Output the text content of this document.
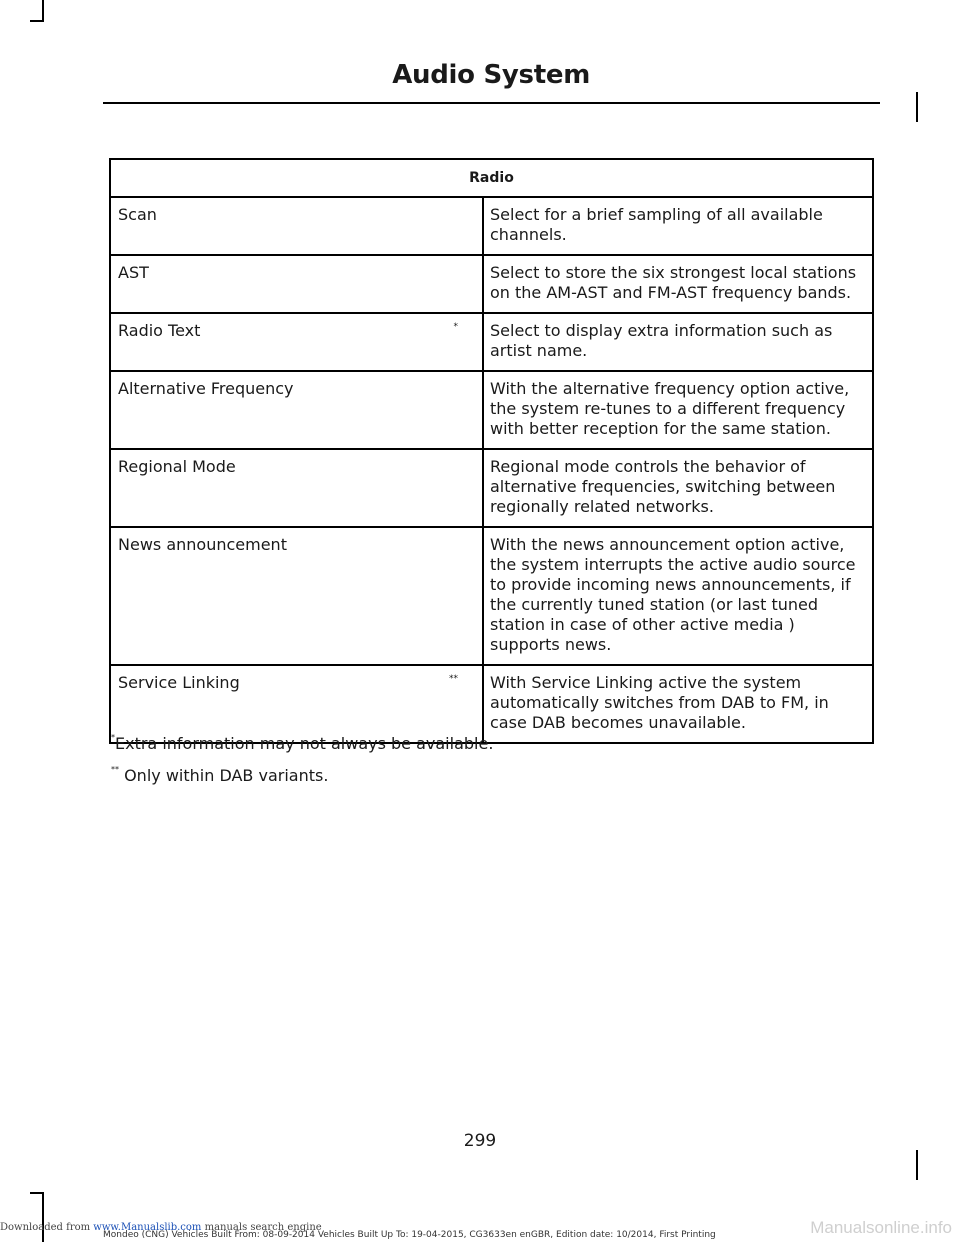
Audio System
Radio	

Scan	Select for a brief sampling of all available channels.

AST	Select to store the six strongest local stations on the AM-AST and FM-AST frequency bands.

Radio Text *	Select to display extra information such as artist name.

Alternative Frequency	With the alternative frequency option active, the system re-tunes to a different frequency with better reception for the same station.

Regional Mode	Regional mode controls the behavior of alternative frequencies, switching between regionally related networks.

News announcement	With the news announcement option active, the system interrupts the active audio source to provide incoming news announcements, if the currently tuned station (or last tuned station in case of other active media ) supports news.

Service Linking **	With Service Linking active the system automatically switches from DAB to FM, in case DAB becomes unavailable.
*Extra information may not always be available.
** Only within DAB variants.
299
Downloaded from www.Manualslib.com manuals search engine
Mondeo (CNG) Vehicles Built From: 08-09-2014 Vehicles Built Up To: 19-04-2015, CG3633en enGBR, Edition date: 10/2014, First Printing	Manualsonline.info
